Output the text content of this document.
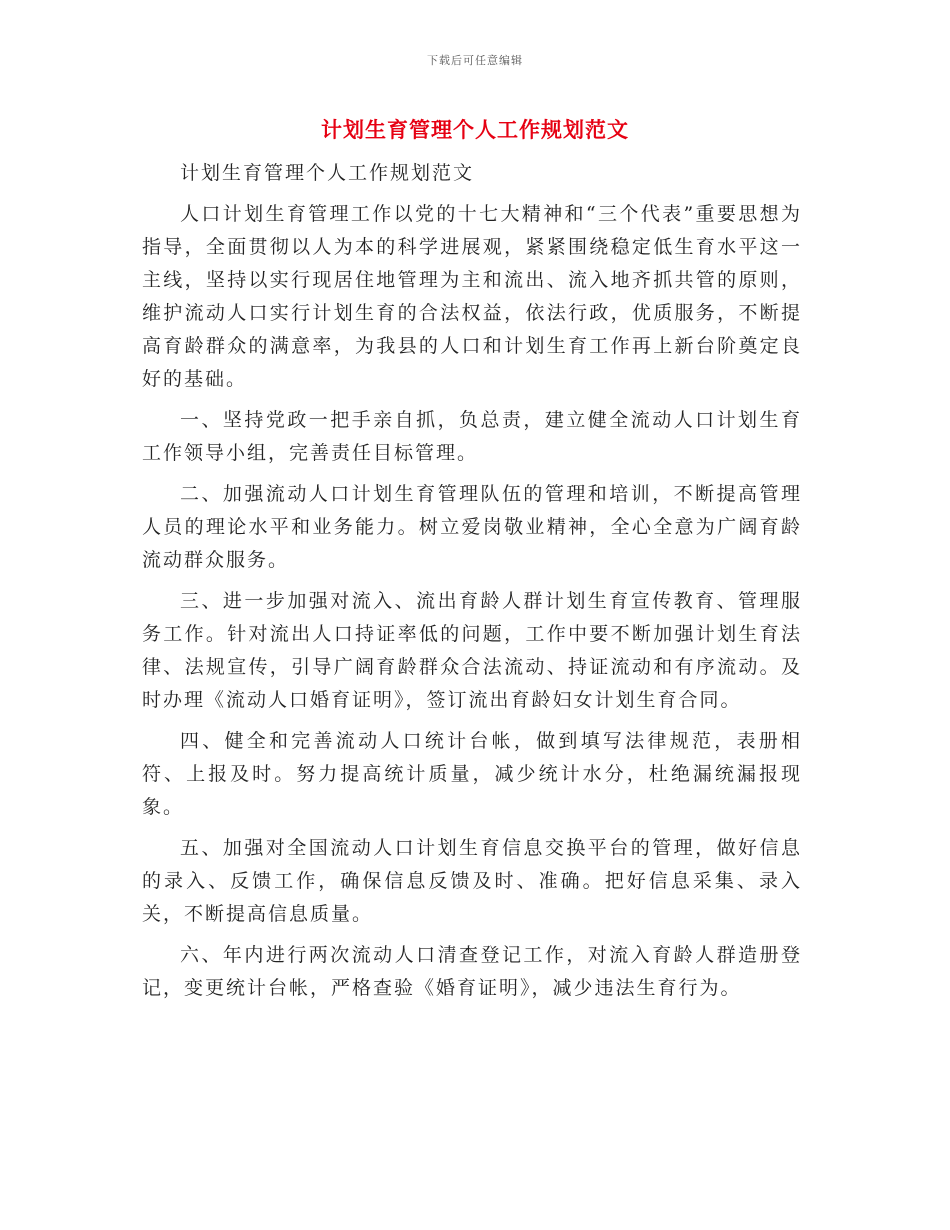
下载后可任意编辑
计划生育管理个人工作规划范文

计划生育管理个人工作规划范文

人口计划生育管理工作以党的十七大精神和“三个代表”重要思想为指导，全面贯彻以人为本的科学进展观，紧紧围绕稳定低生育水平这一主线，坚持以实行现居住地管理为主和流出、流入地齐抓共管的原则，维护流动人口实行计划生育的合法权益，依法行政，优质服务，不断提高育龄群众的满意率，为我县的人口和计划生育工作再上新台阶奠定良好的基础。

一、坚持党政一把手亲自抓，负总责，建立健全流动人口计划生育工作领导小组，完善责任目标管理。

二、加强流动人口计划生育管理队伍的管理和培训，不断提高管理人员的理论水平和业务能力。树立爱岗敬业精神，全心全意为广阔育龄流动群众服务。

三、进一步加强对流入、流出育龄人群计划生育宣传教育、管理服务工作。针对流出人口持证率低的问题，工作中要不断加强计划生育法律、法规宣传，引导广阔育龄群众合法流动、持证流动和有序流动。及时办理《流动人口婚育证明》，签订流出育龄妇女计划生育合同。

四、健全和完善流动人口统计台帐，做到填写法律规范，表册相符、上报及时。努力提高统计质量，减少统计水分，杜绝漏统漏报现象。

五、加强对全国流动人口计划生育信息交换平台的管理，做好信息的录入、反馈工作，确保信息反馈及时、准确。把好信息采集、录入关，不断提高信息质量。

六、年内进行两次流动人口清查登记工作，对流入育龄人群造册登记，变更统计台帐，严格查验《婚育证明》，减少违法生育行为。
